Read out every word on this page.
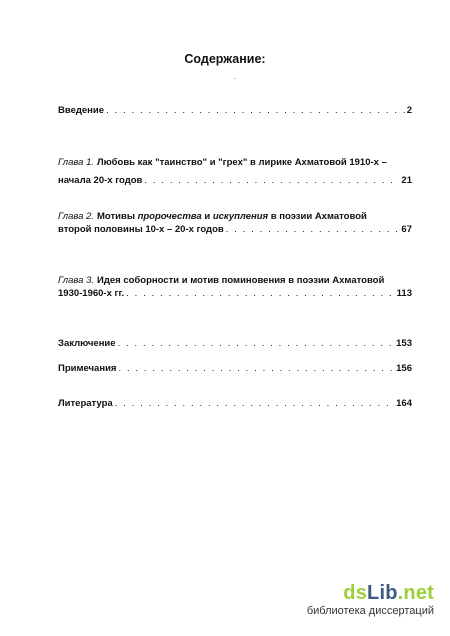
Содержание:
Введение . . .	2
Глава 1. Любовь как "таинство" и "грех" в лирике Ахматовой 1910-х –
начала 20-х годов . . .	21
Глава 2. Мотивы
пророчества
и
искупления
в поэзии Ахматовой
второй половины 10-х – 20-х годов . . .	67
Глава 3. Идея соборности и мотив поминовения в поэзии Ахматовой
1930-1960-х гг. . . .	113
Заключение . . .	153
Примечания . . .	156
Литература . . .	164
dsLib.net
библиотека диссертаций
